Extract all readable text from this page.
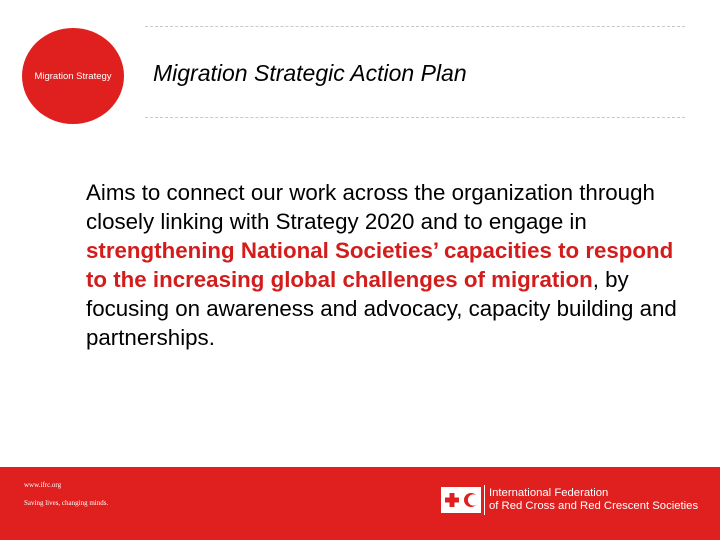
Migration Strategy Migration Strategic Action Plan

Aims to connect our work across the organization through closely linking with Strategy 2020 and to engage in strengthening National Societies’ capacities to respond to the increasing global challenges of migration, by focusing on awareness and advocacy, capacity building and partnerships.

www.ifrc.org
Saving lives, changing minds.
International Federation
of Red Cross and Red Crescent Societies
